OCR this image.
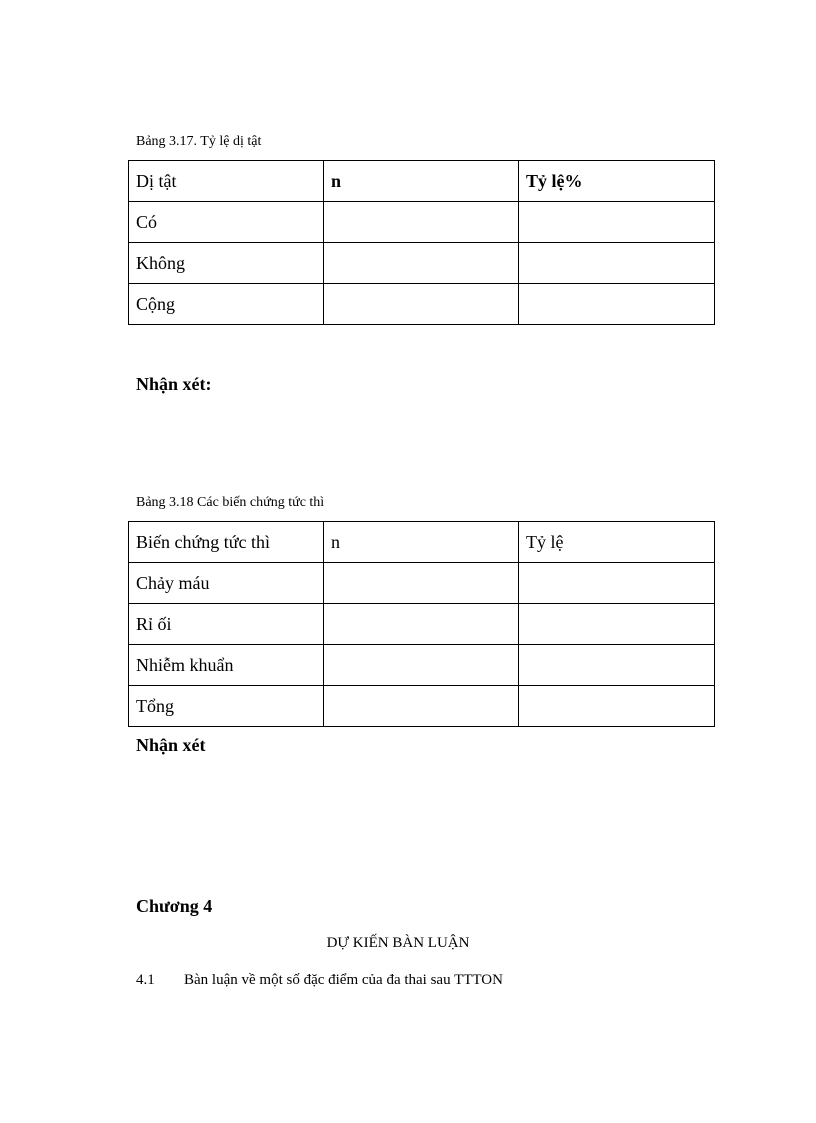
Bảng 3.17. Tỷ lệ dị tật
Dị tật	n	Tỷ lệ%
Có		
Không		
Cộng		
Nhận xét:
Bảng 3.18 Các biến chứng tức thì
Biến chứng tức thì	n	Tỷ lệ
Chảy máu		
Rỉ ối		
Nhiễm khuẩn		
Tổng		
Nhận xét
Chương 4
DỰ KIẾN BÀN LUẬN
4.1 Bàn luận về một số đặc điểm của đa thai sau TTTON
